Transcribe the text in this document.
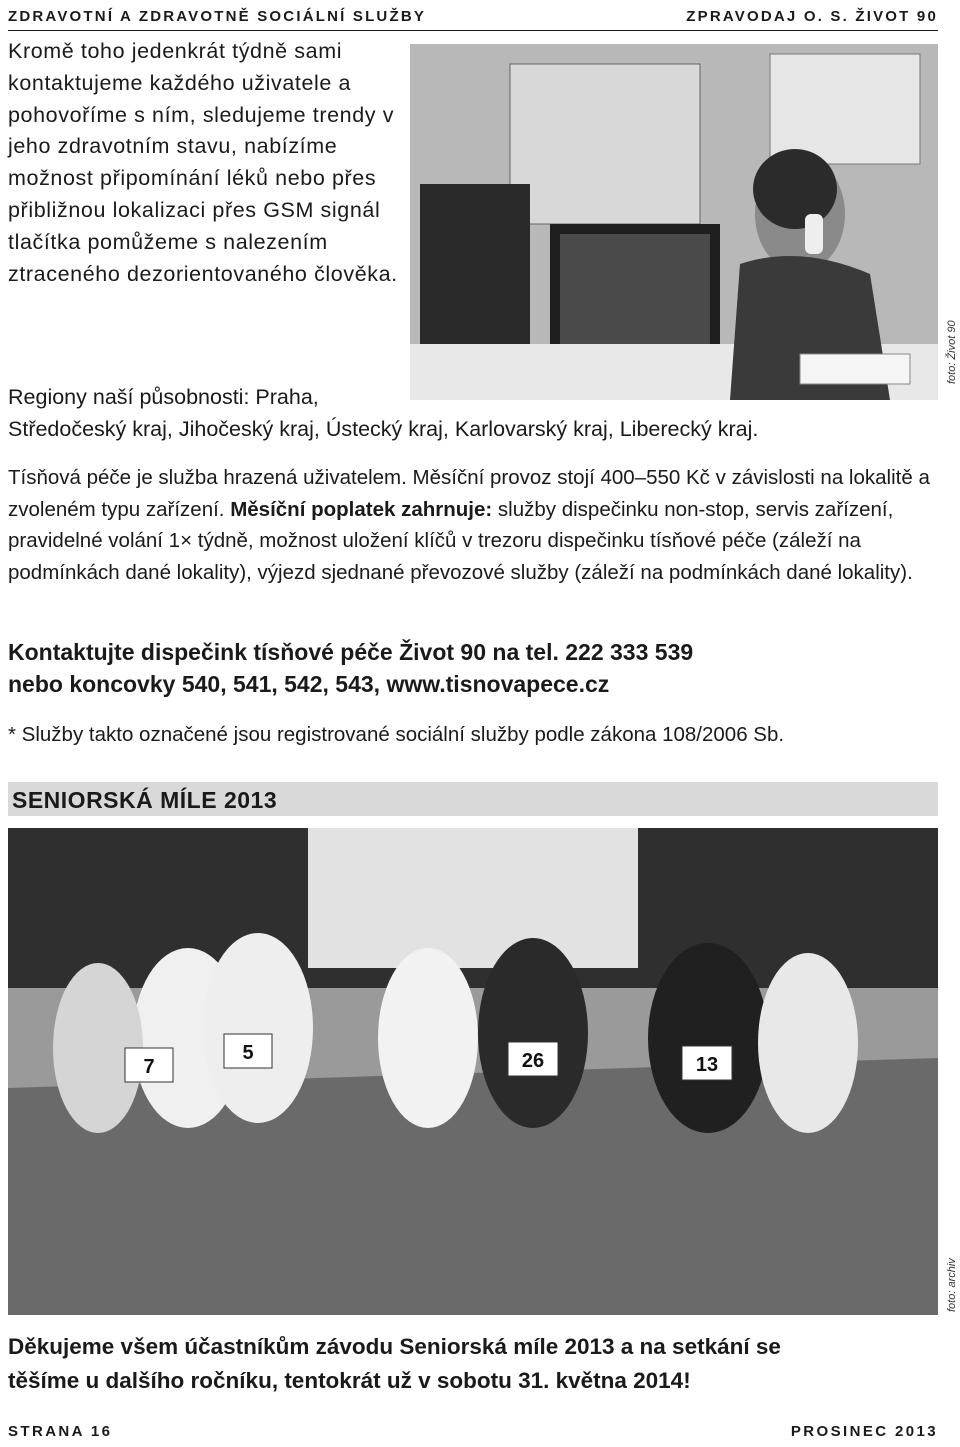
ZDRAVOTNÍ A ZDRAVOTNĚ SOCIÁLNÍ SLUŽBY	ZPRAVODAJ O. S. ŽIVOT 90

Kromě toho jedenkrát týdně sami kontaktujeme každého uživatele a pohovoříme s ním, sledujeme trendy v jeho zdravotním stavu, nabízíme možnost připomínání léků nebo přes přibližnou lokalizaci přes GSM signál tlačítka pomůžeme s nalezením ztraceného dezorientovaného člověka.

foto: Život 90
Regiony naší působnosti: Praha,
Středočeský kraj, Jihočeský kraj, Ústecký kraj, Karlovarský kraj, Liberecký kraj.

Tísňová péče je služba hrazená uživatelem. Měsíční provoz stojí 400–550 Kč v závislosti na lokalitě a zvoleném typu zařízení. Měsíční poplatek zahrnuje: služby dispečinku non-stop, servis zařízení, pravidelné volání 1× týdně, možnost uložení klíčů v trezoru dispečinku tísňové péče (záleží na podmínkách dané lokality), výjezd sjednané převozové služby (záleží na podmínkách dané lokality).

Kontaktujte dispečink tísňové péče Život 90 na tel. 222 333 539
nebo koncovky 540, 541, 542, 543, www.tisnovapece.cz
* Služby takto označené jsou registrované sociální služby podle zákona 108/2006 Sb.
SENIORSKÁ MÍLE 2013
7
5	26	13
foto: archiv
Děkujeme všem účastníkům závodu Seniorská míle 2013 a na setkání se
těšíme u dalšího ročníku, tentokrát už v sobotu 31. května 2014!
STRANA 16	PROSINEC 2013
